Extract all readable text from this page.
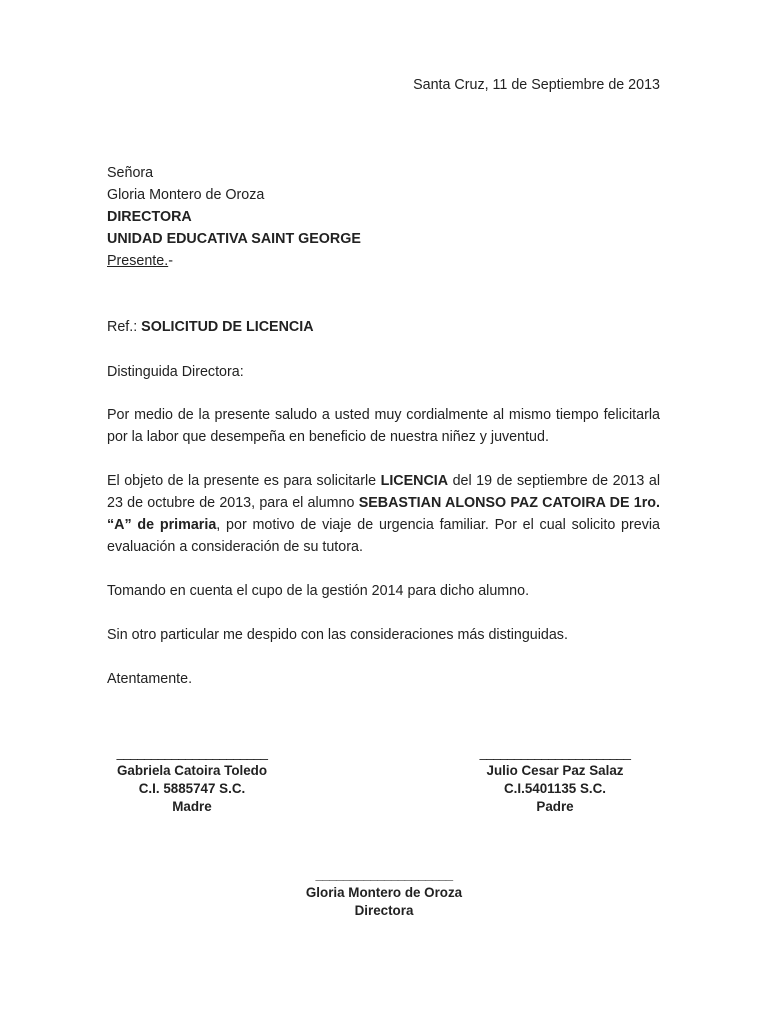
Santa Cruz, 11 de Septiembre de 2013
Señora
Gloria Montero de Oroza
DIRECTORA
UNIDAD EDUCATIVA SAINT GEORGE
Presente.-
Ref.: SOLICITUD DE LICENCIA
Distinguida Directora:
Por medio de la presente saludo a usted muy cordialmente al mismo tiempo felicitarla por la labor que desempeña en beneficio de nuestra niñez y juventud.
El objeto de la presente es para solicitarle LICENCIA del 19 de septiembre de 2013 al 23 de octubre de 2013, para el alumno SEBASTIAN ALONSO PAZ CATOIRA DE 1ro. “A” de primaria, por motivo de viaje de urgencia familiar. Por el cual solicito previa evaluación a consideración de su tutora.
Tomando en cuenta el cupo de la gestión 2014 para dicho alumno.
Sin otro particular me despido con las consideraciones más distinguidas.
Atentamente.
______________________
Gabriela Catoira Toledo
C.I. 5885747 S.C.
Madre
______________________
Julio Cesar Paz Salaz
C.I.5401135 S.C.
Padre
____________________
Gloria Montero de Oroza
Directora
